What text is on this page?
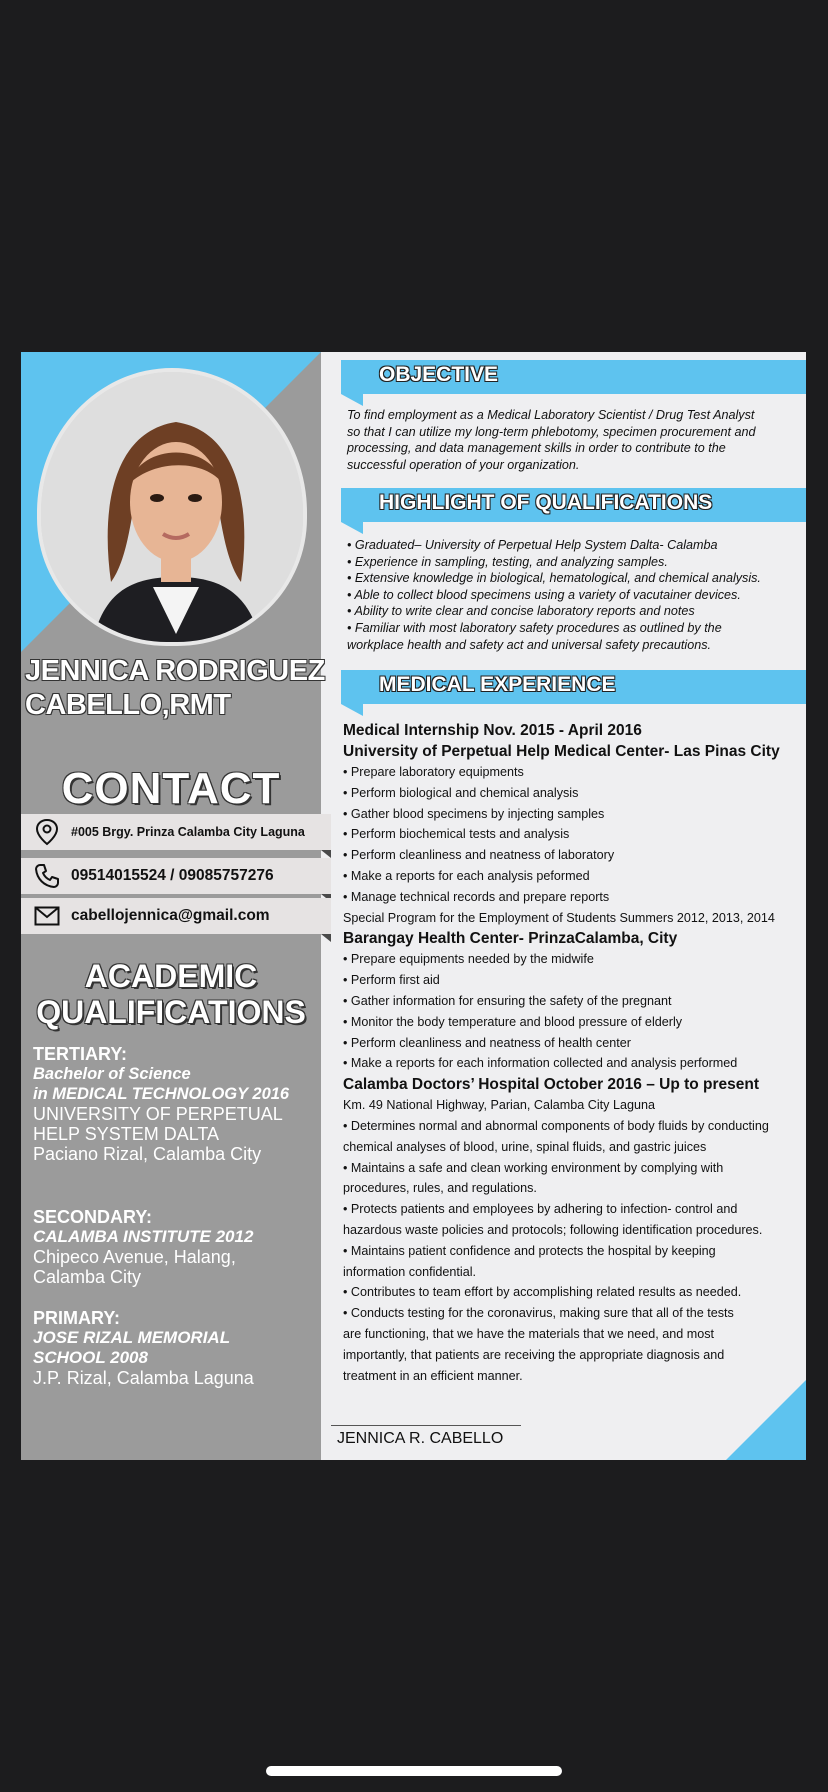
JENNICA RODRIGUEZ
CABELLO,RMT
CONTACT
#005 Brgy. Prinza Calamba City Laguna
09514015524 / 09085757276
cabellojennica@gmail.com
ACADEMIC
QUALIFICATIONS
TERTIARY:
Bachelor of Science
in MEDICAL TECHNOLOGY 2016
UNIVERSITY OF PERPETUAL
HELP SYSTEM DALTA
Paciano Rizal, Calamba City
SECONDARY:
CALAMBA INSTITUTE 2012
Chipeco Avenue, Halang,
Calamba City
PRIMARY:
JOSE RIZAL MEMORIAL
SCHOOL 2008
J.P. Rizal, Calamba Laguna
OBJECTIVE
To find employment as a Medical Laboratory Scientist / Drug Test Analyst
so that I can utilize my long-term phlebotomy, specimen procurement and
processing, and data management skills in order to contribute to the
successful operation of your organization.
HIGHLIGHT OF QUALIFICATIONS
• Graduated– University of Perpetual Help System Dalta- Calamba
• Experience in sampling, testing, and analyzing samples.
• Extensive knowledge in biological, hematological, and chemical analysis.
• Able to collect blood specimens using a variety of vacutainer devices.
• Ability to write clear and concise laboratory reports and notes
• Familiar with most laboratory safety procedures as outlined by the
workplace health and safety act and universal safety precautions.
MEDICAL EXPERIENCE
Medical Internship Nov. 2015 - April 2016
University of Perpetual Help Medical Center- Las Pinas City
• Prepare laboratory equipments
• Perform biological and chemical analysis
• Gather blood specimens by injecting samples
• Perform biochemical tests and analysis
• Perform cleanliness and neatness of laboratory
• Make a reports for each analysis peformed
• Manage technical records and prepare reports
Special Program for the Employment of Students Summers 2012, 2013, 2014
Barangay Health Center- PrinzaCalamba, City
• Prepare equipments needed by the midwife
• Perform first aid
• Gather information for ensuring the safety of the pregnant
• Monitor the body temperature and blood pressure of elderly
• Perform cleanliness and neatness of health center
• Make a reports for each information collected and analysis performed
Calamba Doctors’ Hospital October 2016 – Up to present
Km. 49 National Highway, Parian, Calamba City Laguna
• Determines normal and abnormal components of body fluids by conducting
chemical analyses of blood, urine, spinal fluids, and gastric juices
• Maintains a safe and clean working environment by complying with
procedures, rules, and regulations.
• Protects patients and employees by adhering to infection- control and
hazardous waste policies and protocols; following identification procedures.
• Maintains patient confidence and protects the hospital by keeping
information confidential.
• Contributes to team effort by accomplishing related results as needed.
• Conducts testing for the coronavirus, making sure that all of the tests
are functioning, that we have the materials that we need, and most
importantly, that patients are receiving the appropriate diagnosis and
treatment in an efficient manner.
JENNICA R. CABELLO
